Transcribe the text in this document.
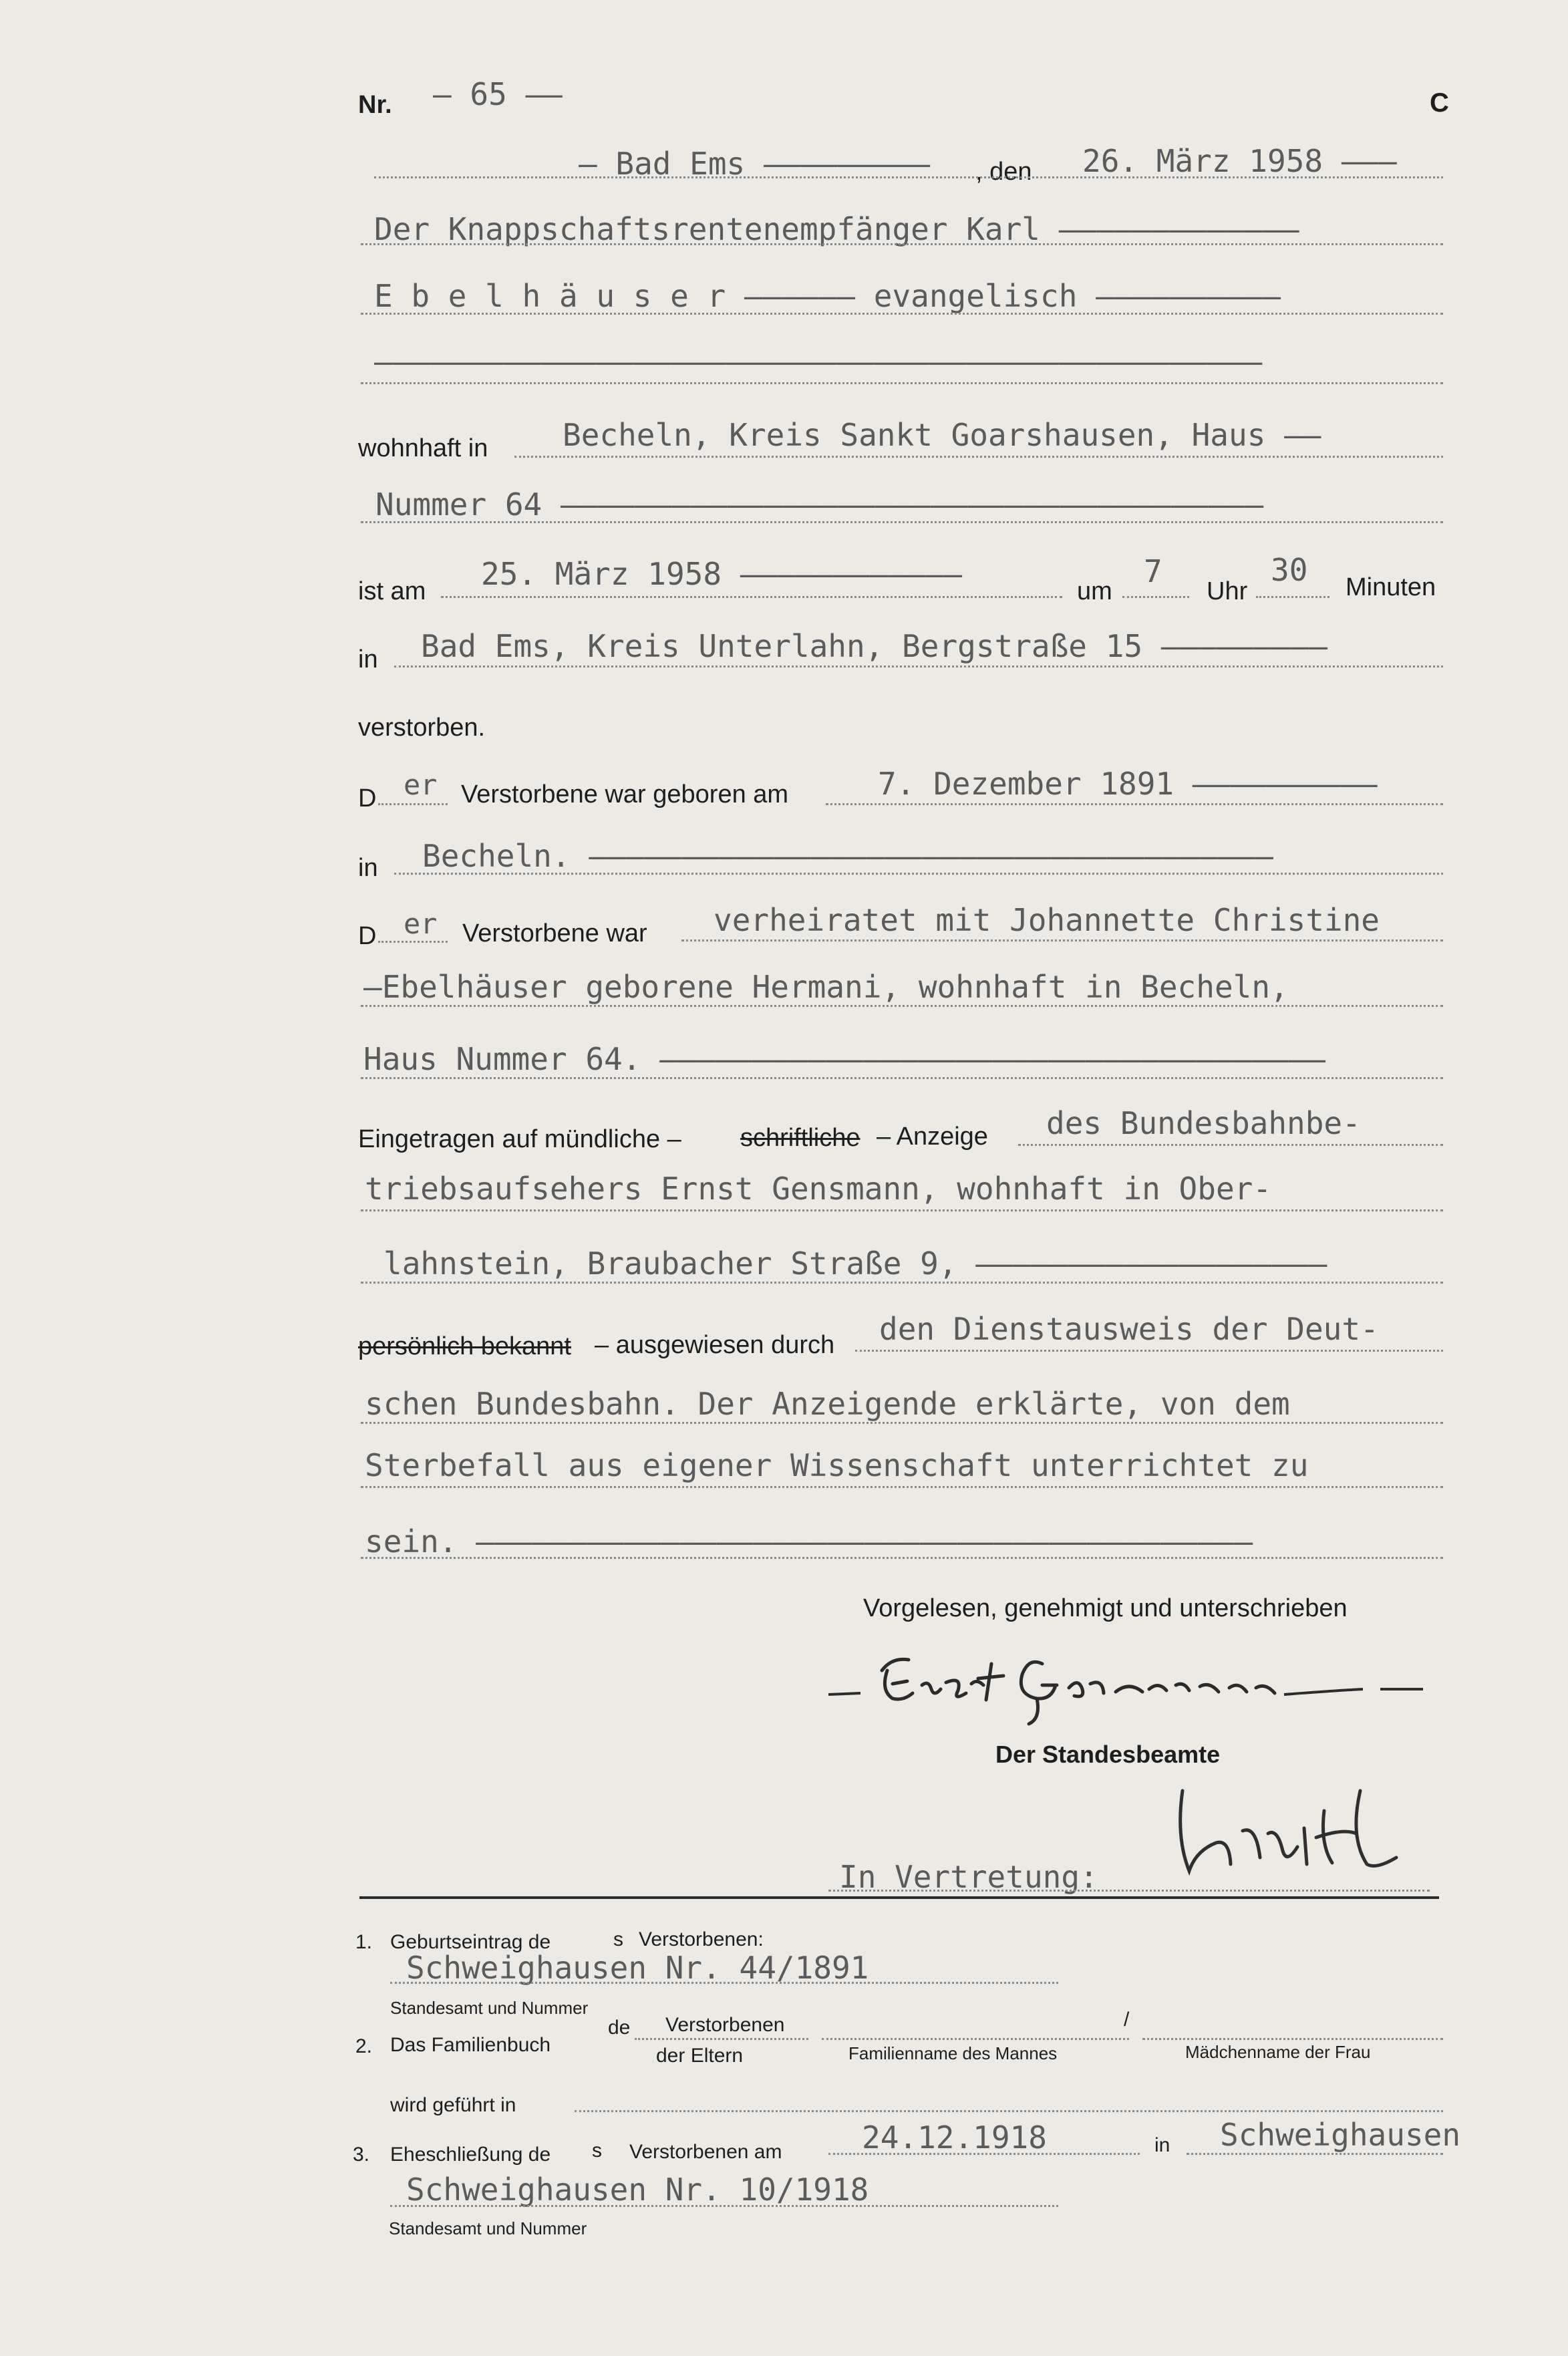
Nr. – 65 ––	C
– Bad Ems ––––––––– , den 26. März 1958 –––
Der Knappschaftsrentenempfänger Karl –––––––––––––
E b e l h ä u s e r –––––– evangelisch ––––––––––
––––––––––––––––––––––––––––––––––––––––––––––––
wohnhaft in Becheln, Kreis Sankt Goarshausen, Haus ––
Nummer 64 ––––––––––––––––––––––––––––––––––––––
ist am 25. März 1958 ––––––––––––	um
7
Uhr
30 Minuten
in Bad Ems, Kreis Unterlahn, Bergstraße 15 –––––––––
verstorben.
D er Verstorbene war geboren am	7. Dezember 1891 ––––––––––
in Becheln. –––––––––––––––––––––––––––––––––––––
D er Verstorbene war verheiratet mit Johannette Christine
–Ebelhäuser geborene Hermani, wohnhaft in Becheln,
Haus Nummer 64. ––––––––––––––––––––––––––––––––––––
Eingetragen auf mündliche – schriftliche – Anzeige des Bundesbahnbe-
triebsaufsehers Ernst Gensmann, wohnhaft in Ober-
lahnstein, Braubacher Straße 9, –––––––––––––––––––
persönlich bekannt – ausgewiesen durch den Dienstausweis der Deut-
schen Bundesbahn. Der Anzeigende erklärte, von dem
Sterbefall aus eigener Wissenschaft unterrichtet zu
sein. ––––––––––––––––––––––––––––––––––––––––––
Vorgelesen, genehmigt und unterschrieben
Der Standesbeamte
In Vertretung:
1. Geburtseintrag de	s Verstorbenen:
Schweighausen Nr. 44/1891
Standesamt und Nummer
2. Das Familienbuch
de Verstorbenen
der Eltern
/
Familienname des Mannes	Mädchenname der Frau
wird geführt in
3. Eheschließung de s Verstorbenen am	24.12.1918	in Schweighausen
Schweighausen Nr. 10/1918
Standesamt und Nummer
